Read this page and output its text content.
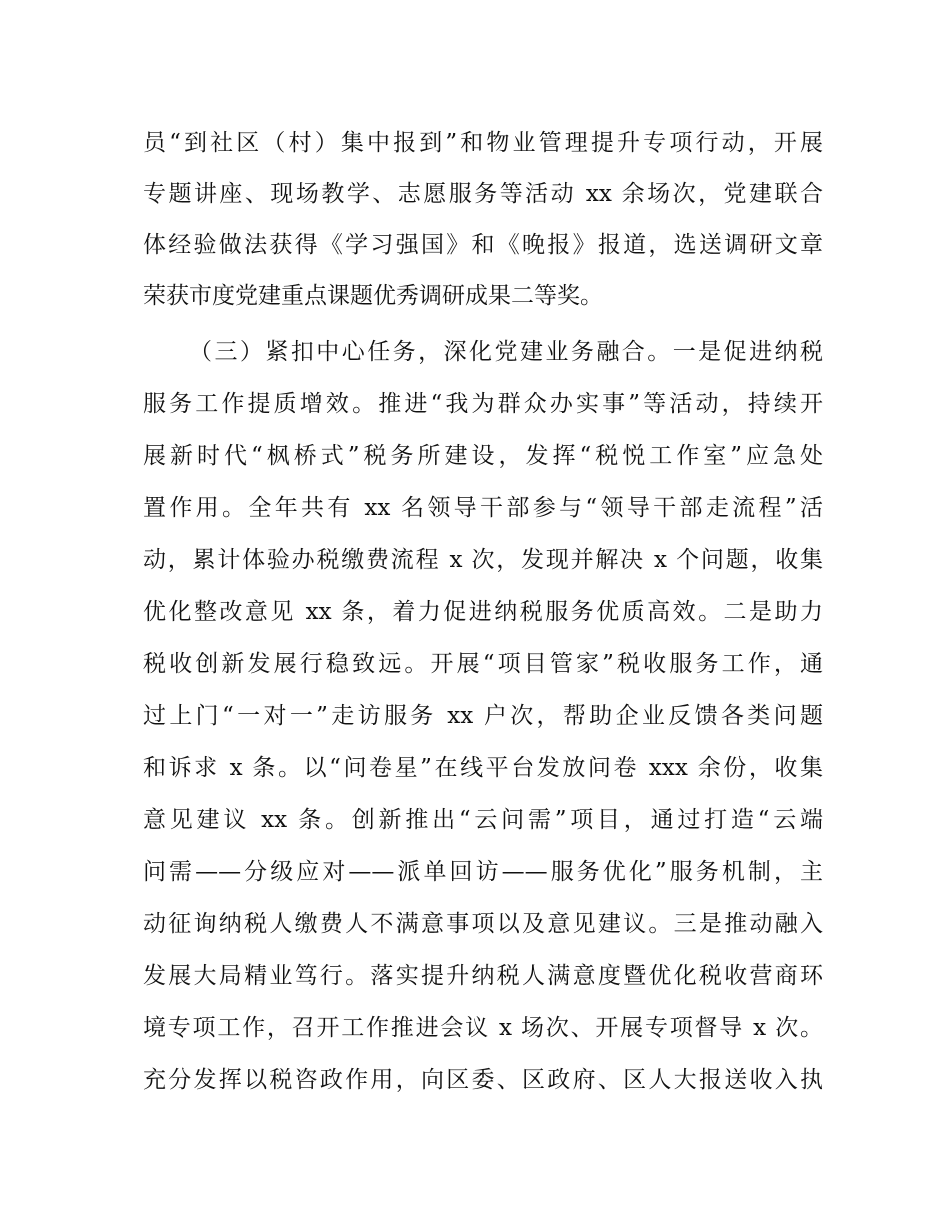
员“到社区（村）集中报到”和物业管理提升专项行动，开展
专题讲座、现场教学、志愿服务等活动 xx 余场次，党建联合
体经验做法获得《学习强国》和《晚报》报道，选送调研文章
荣获市度党建重点课题优秀调研成果二等奖。
（三）紧扣中心任务，深化党建业务融合。一是促进纳税
服务工作提质增效。推进“我为群众办实事”等活动，持续开
展新时代“枫桥式”税务所建设，发挥“税悦工作室”应急处
置作用。全年共有 xx 名领导干部参与“领导干部走流程”活
动，累计体验办税缴费流程 x 次，发现并解决 x 个问题，收集
优化整改意见 xx 条，着力促进纳税服务优质高效。二是助力
税收创新发展行稳致远。开展“项目管家”税收服务工作，通
过上门“一对一”走访服务 xx 户次，帮助企业反馈各类问题
和诉求 x 条。以“问卷星”在线平台发放问卷 xxx 余份，收集
意见建议 xx 条。创新推出“云问需”项目，通过打造“云端
问需——分级应对——派单回访——服务优化”服务机制，主
动征询纳税人缴费人不满意事项以及意见建议。三是推动融入
发展大局精业笃行。落实提升纳税人满意度暨优化税收营商环
境专项工作，召开工作推进会议 x 场次、开展专项督导 x 次。
充分发挥以税咨政作用，向区委、区政府、区人大报送收入执
